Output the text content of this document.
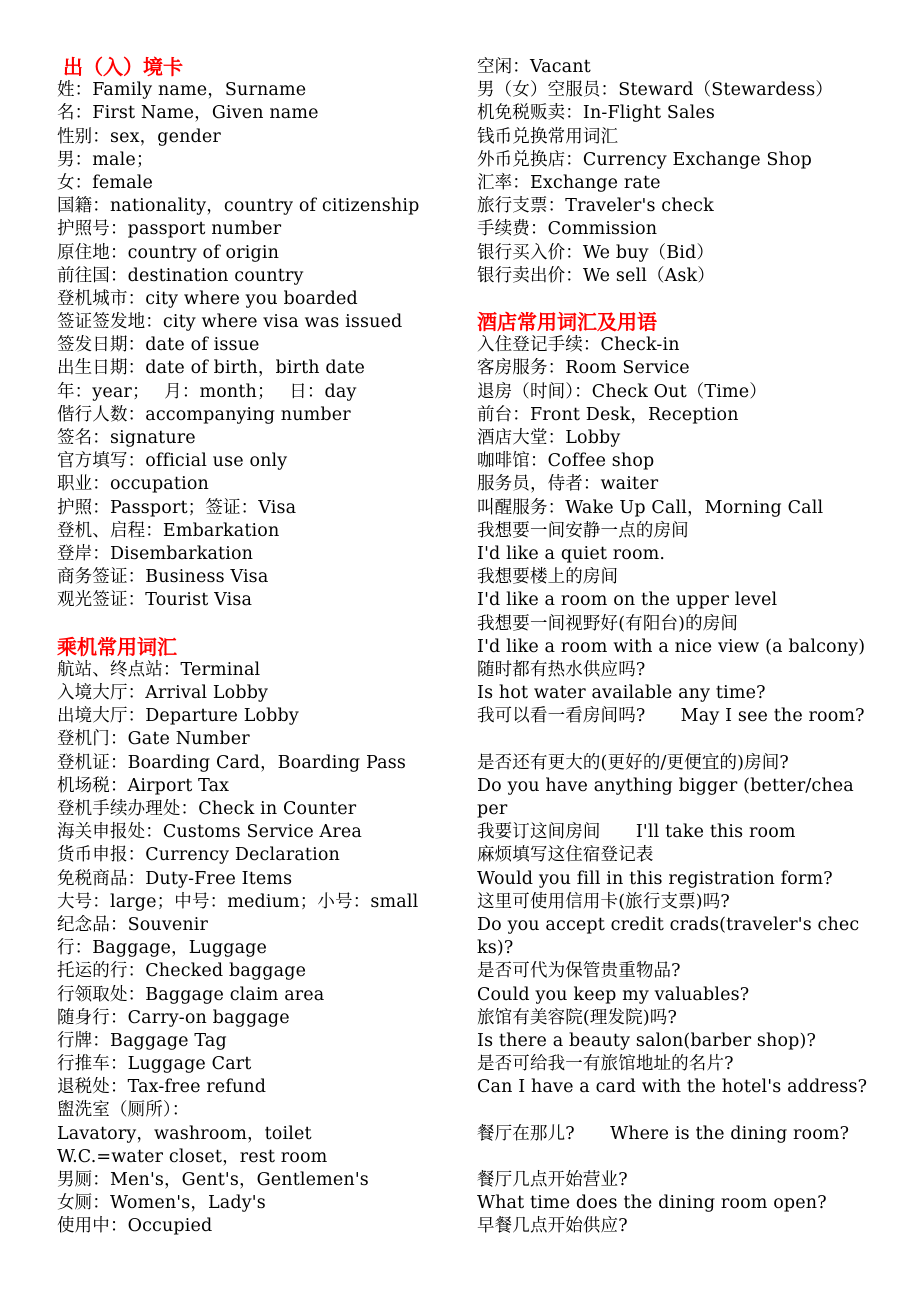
出（入）境卡
姓：Family name，Surname
名：First Name，Given name
性别：sex，gender
男：male；
女：female
国籍：nationality，country of citizenship
护照号：passport number
原住地：country of origin
前往国：destination country
登机城市：city where you boarded
签证签发地：city where visa was issued
签发日期：date of issue
出生日期：date of birth，birth date
年：year；　 月：month；　 日：day
偕行人数：accompanying number
签名：signature
官方填写：official use only
职业：occupation
护照：Passport；签证：Visa
登机、启程：Embarkation
登岸：Disembarkation
商务签证：Business Visa
观光签证：Tourist Visa
乘机常用词汇
航站、终点站：Terminal
入境大厅：Arrival Lobby
出境大厅：Departure Lobby
登机门：Gate Number
登机证：Boarding Card，Boarding Pass
机场税：Airport Tax
登机手续办理处：Check in Counter
海关申报处：Customs Service Area
货币申报：Currency Declaration
免税商品：Duty-Free Items
大号：large；中号：medium；小号：small
纪念品：Souvenir
行：Baggage，Luggage
托运的行：Checked baggage
行领取处：Baggage claim area
随身行：Carry-on baggage
行牌：Baggage Tag
行推车：Luggage Cart
退税处：Tax-free refund
盥洗室（厕所）：
Lavatory，washroom，toilet
W.C.=water closet，rest room
男厕：Men's，Gent's，Gentlemen's
女厕：Women's，Lady's
使用中：Occupied
空闲：Vacant
男（女）空服员：Steward（Stewardess）
机免税贩卖：In-Flight Sales
钱币兑换常用词汇
外币兑换店：Currency Exchange Shop
汇率：Exchange rate
旅行支票：Traveler's check
手续费：Commission
银行买入价：We buy（Bid）
银行卖出价：We sell（Ask）
酒店常用词汇及用语
入住登记手续：Check-in
客房服务：Room Service
退房（时间）：Check Out（Time）
前台：Front Desk，Reception
酒店大堂：Lobby
咖啡馆：Coffee shop
服务员，侍者：waiter
叫醒服务：Wake Up Call，Morning Call
我想要一间安静一点的房间
I'd like a quiet room.
我想要楼上的房间
I'd like a room on the upper level
我想要一间视野好(有阳台)的房间
I'd like a room with a nice view (a balcony)
随时都有热水供应吗?
Is hot water available any time?
我可以看一看房间吗?　　May I see the room?
是否还有更大的(更好的/更便宜的)房间?
Do you have anything bigger (better/chea
per
我要订这间房间　　I'll take this room
麻烦填写这住宿登记表
Would you fill in this registration form?
这里可使用信用卡(旅行支票)吗?
Do you accept credit crads(traveler's chec
ks)?
是否可代为保管贵重物品?
Could you keep my valuables?
旅馆有美容院(理发院)吗?
Is there a beauty salon(barber shop)?
是否可给我一有旅馆地址的名片?
Can I have a card with the hotel's address?
餐厅在那儿?　　Where is the dining room?
餐厅几点开始营业?
What time does the dining room open?
早餐几点开始供应?
